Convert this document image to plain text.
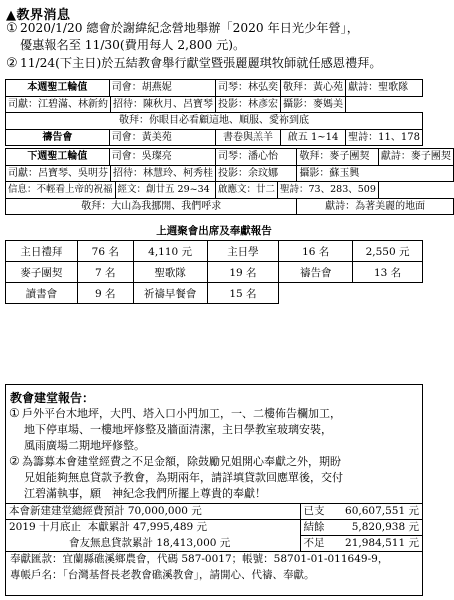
▲教界消息
① 2020/1/20 總會於謝緯紀念營地舉辦「2020 年日光少年營」，
優惠報名至 11/30(費用每人 2,800 元)。
② 11/24(下主日)於五結教會舉行獻堂暨張麗麗琪牧師就任感恩禮拜。
本週聖工輪值	司會：胡燕妮	司琴：林弘奕	敬拜：黃心苑	獻詩：聖歌隊

司獻：江碧滿、林新約	招待：陳秋月、呂寶琴
	投影：林彥宏	攝影：麥媽美
敬拜：你眼目必看顧這地、順服、愛祢到底
禱告會	司會：黃美苑	書卷與羔羊	啟五 1~14	聖詩：11、178
下週聖工輪值	司會：吳璨亮	司琴：潘心怡	敬拜：麥子團契	獻詩：麥子團契

司獻：呂寶琴、吳明芬	招待：林慧玲、柯秀桂
	投影：余玟娜	攝影：蘇玉興

信息：不輕看上帝的祝福	經文：創廿五 29~34
	啟應文：廿二	聖詩：73、283、509

敬拜：大山為我挪開、我們呼求	獻詩：為著美麗的地面
上週聚會出席及奉獻報告
主日禮拜	76 名	4,110 元	主日學	16 名	2,550 元
麥子團契	7 名	聖歌隊	19 名	禱告會	13 名
讀書會	9 名	祈禱早餐會	15 名		
教會建堂報告：
① 戶外平台木地坪，大門、塔入口小門加工，一、二樓佈告欄加工，
地下停車場、一樓地坪修整及牆面清潔，主日學教室玻璃安裝，
風雨廣場二期地坪修整。
② 為籌募本會建堂經費之不足金額，除鼓勵兄姐開心奉獻之外，期盼
兄姐能夠無息貸款予教會，為期兩年，請詳填貸款回應單後，交付
江碧滿執事，願　神紀念我們所擺上尊貴的奉獻！
本會新建建堂總經費預計 70,000,000 元	已支	60,607,551 元
2019 十月底止 本獻累計 47,995,489 元	結餘	5,820,938 元
會友無息貸款累計 18,413,000 元	不足	21,984,511 元
奉獻匯款：宜蘭縣礁溪鄉農會，代碼 587-0017；帳號：58701-01-011649-9，
專帳戶名：「台灣基督長老教會礁溪教會」，請開心、代禱、奉獻。
